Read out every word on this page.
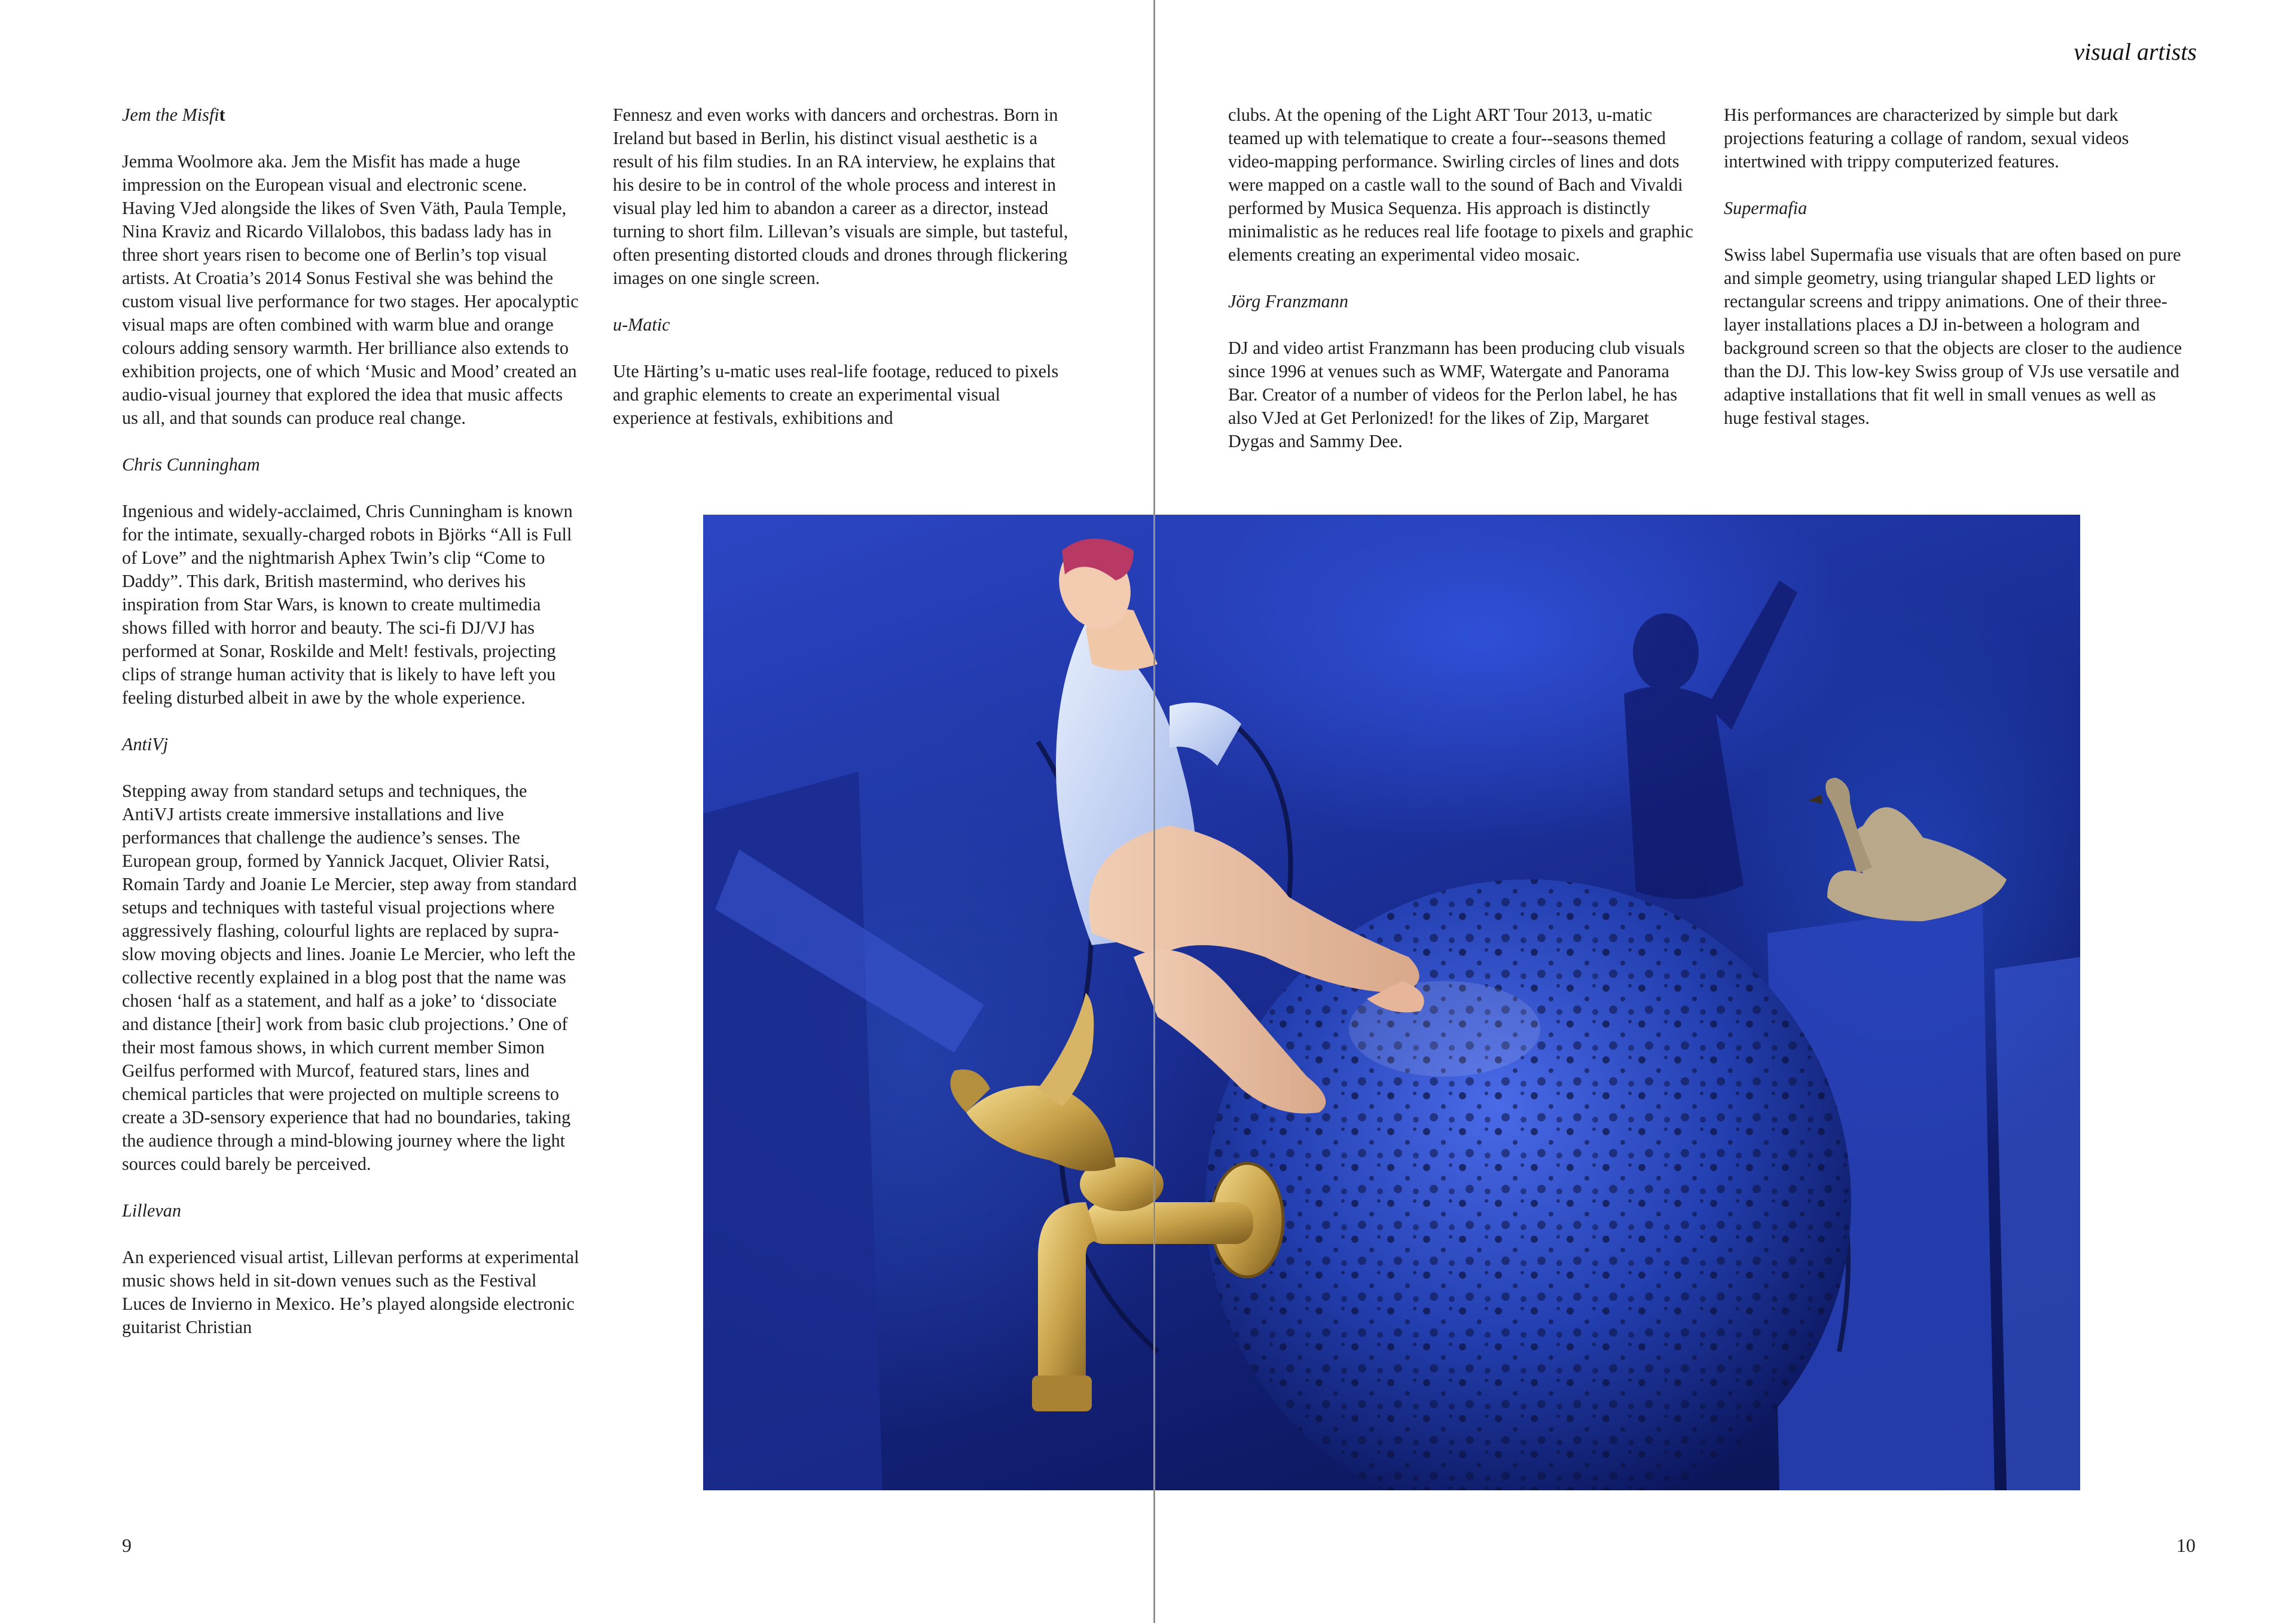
visual artists

Jem the Misfit

Jemma Woolmore aka. Jem the Misfit has made a huge impression on the European visual and electronic scene. Having VJed alongside the likes of Sven Väth, Paula Temple, Nina Kraviz and Ricardo Villalobos, this badass lady has in three short years risen to become one of Berlin’s top visual artists. At Croatia’s 2014 Sonus Festival she was behind the custom visual live performance for two stages. Her apocalyptic visual maps are often combined with warm blue and orange colours adding sensory warmth. Her brilliance also extends to exhibition projects, one of which ‘Music and Mood’ created an audio-visual journey that explored the idea that music affects us all, and that sounds can produce real change.

Chris Cunningham

Ingenious and widely-acclaimed, Chris Cunningham is known for the intimate, sexually-charged robots in Björks “All is Full of Love” and the nightmarish Aphex Twin’s clip “Come to Daddy”. This dark, British mastermind, who derives his inspiration from Star Wars, is known to create multimedia shows filled with horror and beauty. The sci-fi DJ/VJ has performed at Sonar, Roskilde and Melt! festivals, projecting clips of strange human activity that is likely to have left you feeling disturbed albeit in awe by the whole experience.

AntiVj

Stepping away from standard setups and techniques, the AntiVJ artists create immersive installations and live performances that challenge the audience’s senses. The European group, formed by Yannick Jacquet, Olivier Ratsi, Romain Tardy and Joanie Le Mercier, step away from standard setups and techniques with tasteful visual projections where aggressively flashing, colourful lights are replaced by supra-slow moving objects and lines. Joanie Le Mercier, who left the collective recently explained in a blog post that the name was chosen ‘half as a statement, and half as a joke’ to ‘dissociate and distance [their] work from basic club projections.’ One of their most famous shows, in which current member Simon Geilfus performed with Murcof, featured stars, lines and chemical particles that were projected on multiple screens to create a 3D-sensory experience that had no boundaries, taking the audience through a mind-blowing journey where the light sources could barely be perceived.

Lillevan

An experienced visual artist, Lillevan performs at experimental music shows held in sit-down venues such as the Festival Luces de Invierno in Mexico. He’s played alongside electronic guitarist Christian

Fennesz and even works with dancers and orchestras. Born in Ireland but based in Berlin, his distinct visual aesthetic is a result of his film studies. In an RA interview, he explains that his desire to be in control of the whole process and interest in visual play led him to abandon a career as a director, instead turning to short film. Lillevan’s visuals are simple, but tasteful, often presenting distorted clouds and drones through flickering images on one single screen.

u-Matic

Ute Härting’s u-matic uses real-life footage, reduced to pixels and graphic elements to create an experimental visual experience at festivals, exhibitions and

clubs. At the opening of the Light ART Tour 2013, u-matic teamed up with telematique to create a four--seasons themed video-mapping performance. Swirling circles of lines and dots were mapped on a castle wall to the sound of Bach and Vivaldi performed by Musica Sequenza. His approach is distinctly minimalistic as he reduces real life footage to pixels and graphic elements creating an experimental video mosaic.

Jörg Franzmann

DJ and video artist Franzmann has been producing club visuals since 1996 at venues such as WMF, Watergate and Panorama Bar. Creator of a number of videos for the Perlon label, he has also VJed at Get Perlonized! for the likes of Zip, Margaret Dygas and Sammy Dee.

His performances are characterized by simple but dark projections featuring a collage of random, sexual videos intertwined with trippy computerized features.

Supermafia

Swiss label Supermafia use visuals that are often based on pure and simple geometry, using triangular shaped LED lights or rectangular screens and trippy animations. One of their three-layer installations places a DJ in-between a hologram and background screen so that the objects are closer to the audience than the DJ. This low-key Swiss group of VJs use versatile and adaptive installations that fit well in small venues as well as huge festival stages.

9	10
